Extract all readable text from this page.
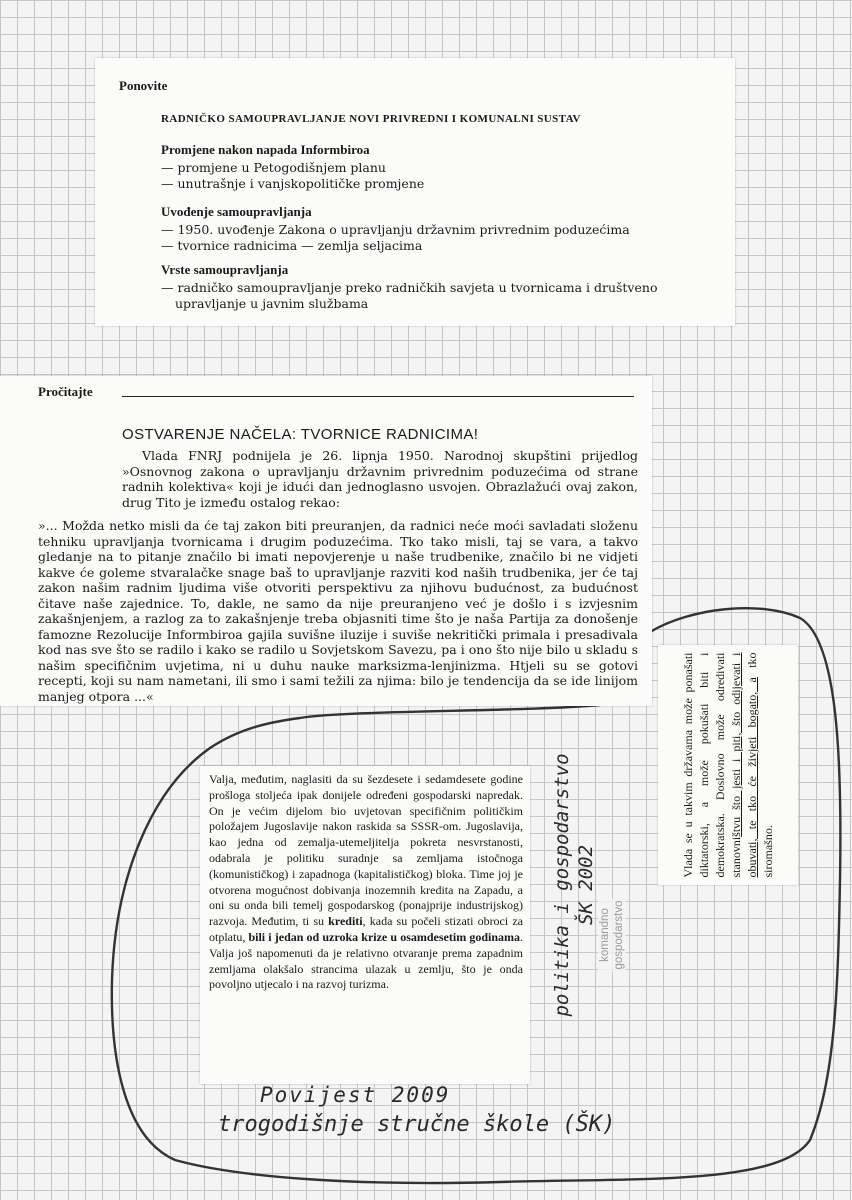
Ponovite
RADNIČKO SAMOUPRAVLJANJE NOVI PRIVREDNI I KOMUNALNI SUSTAV
Promjene nakon napada Informbiroa

— promjene u Petogodišnjem planu

— unutrašnje i vanjskopolitičke promjene

Uvođenje samoupravljanja

— 1950. uvođenje Zakona o upravljanju državnim privrednim poduzećima

— tvornice radnicima — zemlja seljacima

Vrste samoupravljanja

— radničko samoupravljanje preko radničkih savjeta u tvornicama i društveno

upravljanje u javnim službama

Pročitajte
OSTVARENJE NAČELA: TVORNICE RADNICIMA!

Vlada FNRJ podnijela je 26. lipnja 1950. Narodnoj skupštini prijedlog »Osnovnog zakona o upravljanju državnim privrednim poduzećima od strane radnih kolektiva« koji je idući dan jednoglasno usvojen. Obrazlažući ovaj zakon, drug Tito je između ostalog rekao:

»... Možda netko misli da će taj zakon biti preuranjen, da radnici neće moći savladati složenu tehniku upravljanja tvornicama i drugim poduzećima. Tko tako misli, taj se vara, a takvo gledanje na to pitanje značilo bi imati nepovjerenje u naše trudbenike, značilo bi ne vidjeti kakve će goleme stvaralačke snage baš to upravljanje razviti kod naših trudbenika, jer će taj zakon našim radnim ljudima više otvoriti perspektivu za njihovu budućnost, za budućnost čitave naše zajednice. To, dakle, ne samo da nije preuranjeno već je došlo i s izvjesnim zakašnjenjem, a razlog za to zakašnjenje treba objasniti time što je naša Partija za donošenje famozne Rezolucije Informbiroa gajila suvišne iluzije i suviše nekritički primala i presadivala kod nas sve što se radilo i kako se radilo u Sovjetskom Savezu, pa i ono što nije bilo u skladu s našim specifičnim uvjetima, ni u duhu nauke marksizma-lenjinizma. Htjeli su se gotovi recepti, koji su nam nametani, ili smo i sami težili za njima: bilo je tendencija da se ide linijom manjeg otpora ...«

Valja, međutim, naglasiti da su šezdesete i sedamdesete godine prošloga stoljeća ipak donijele određeni gospodarski napredak. On je većim dijelom bio uvjetovan specifičnim političkim položajem Jugoslavije nakon raskida sa SSSR-om. Jugoslavija, kao jedna od zemalja-utemeljitelja pokreta nesvrstanosti, odabrala je politiku suradnje sa zemljama istočnoga (komunističkog) i zapadnoga (kapitalističkog) bloka. Time joj je otvorena mogućnost dobivanja inozemnih kredita na Zapadu, a oni su onda bili temelj gospodarskog (ponajprije industrijskog) razvoja. Međutim, ti su krediti, kada su počeli stizati obroci za otplatu, bili i jedan od uzroka krize u osamdesetim godinama. Valja još napomenuti da je relativno otvaranje prema zapadnim zemljama olakšalo strancima ulazak u zemlju, što je onda povoljno utjecalo i na razvoj turizma.

Vlada se u takvim državama može ponašati diktatorski, a može pokušati biti i demokratska. Doslovno može odredivati stanovništvu što jesti i piti, što odijevati i obuvati, te tko će živjeti bogato, a tko siromašno.
komandno gospodarstvo
politika i gospodarstvo ŠK 2002
Povijest 2009
trogodišnje stručne škole (ŠK)
